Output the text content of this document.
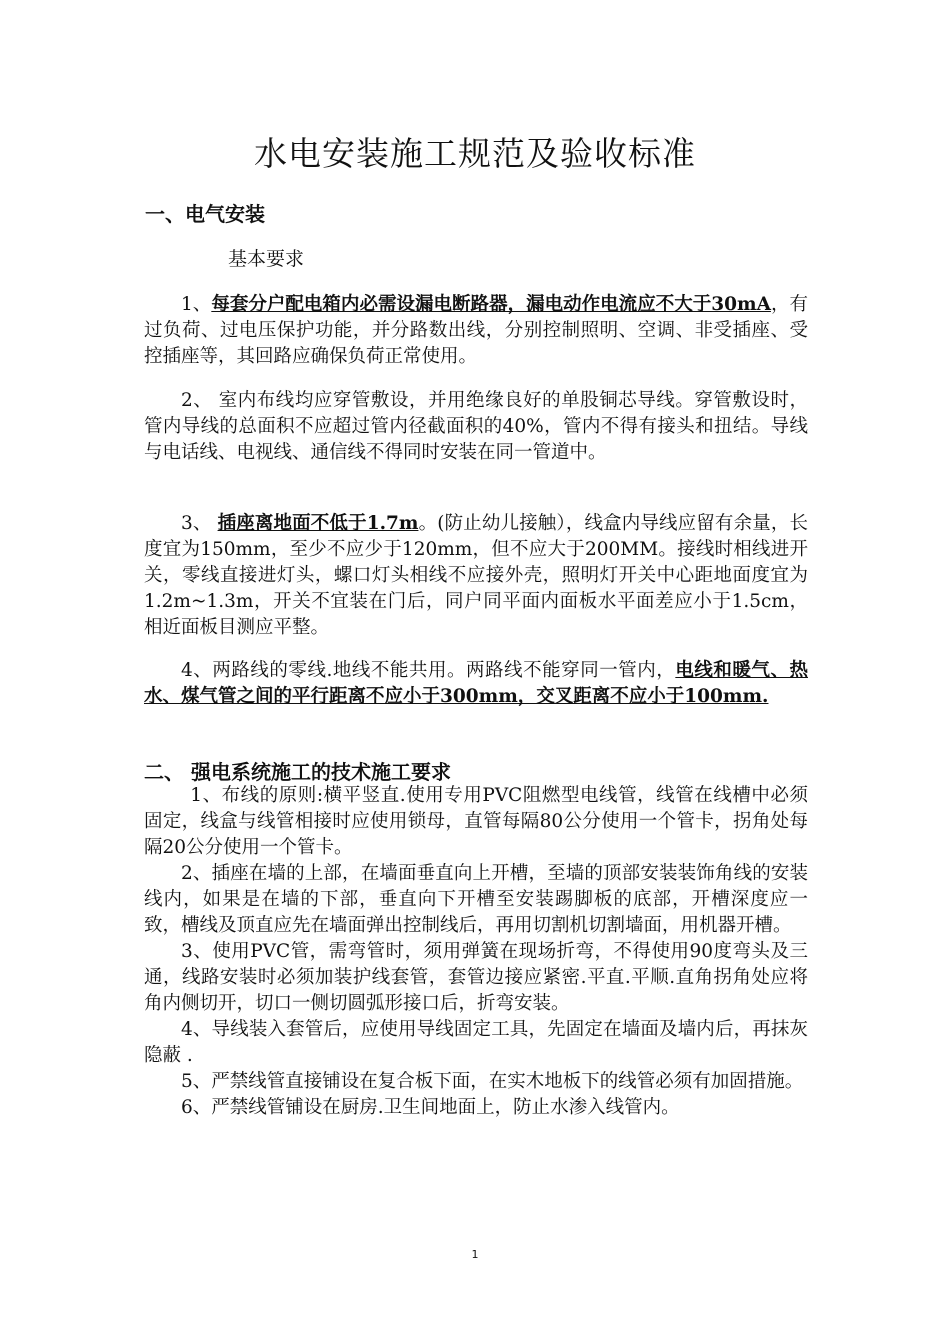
水电安装施工规范及验收标准
一、电气安装
基本要求
1、每套分户配电箱内必需设漏电断路器，漏电动作电流应不大于30mA，有过负荷、过电压保护功能，并分路数出线，分别控制照明、空调、非受插座、受控插座等，其回路应确保负荷正常使用。
2、 室内布线均应穿管敷设，并用绝缘良好的单股铜芯导线。穿管敷设时，管内导线的总面积不应超过管内径截面积的40%，管内不得有接头和扭结。导线与电话线、电视线、通信线不得同时安装在同一管道中。
3、 插座离地面不低于1.7m。(防止幼儿接触），线盒内导线应留有余量，长度宜为150mm，至少不应少于120mm，但不应大于200MM。接线时相线进开关，零线直接进灯头，螺口灯头相线不应接外壳，照明灯开关中心距地面度宜为1.2m~1.3m，开关不宜装在门后，同户同平面内面板水平面差应小于1.5cm，相近面板目测应平整。
4、两路线的零线.地线不能共用。两路线不能穿同一管内，电线和暖气、热水、煤气管之间的平行距离不应小于300mm，交叉距离不应小于100mm.
二、 强电系统施工的技术施工要求

1、布线的原则:横平竖直.使用专用PVC阻燃型电线管，线管在线槽中必须固定，线盒与线管相接时应使用锁母，直管每隔80公分使用一个管卡，拐角处每隔20公分使用一个管卡。

2、插座在墙的上部，在墙面垂直向上开槽，至墙的顶部安装装饰角线的安装线内，如果是在墙的下部，垂直向下开槽至安装踢脚板的底部，开槽深度应一致，槽线及顶直应先在墙面弹出控制线后，再用切割机切割墙面，用机器开槽。

3、使用PVC管，需弯管时，须用弹簧在现场折弯，不得使用90度弯头及三通，线路安装时必须加装护线套管，套管边接应紧密.平直.平顺.直角拐角处应将角内侧切开，切口一侧切圆弧形接口后，折弯安装。

4、导线装入套管后，应使用导线固定工具，先固定在墙面及墙内后，再抹灰隐蔽 .

5、严禁线管直接铺设在复合板下面，在实木地板下的线管必须有加固措施。

6、严禁线管铺设在厨房.卫生间地面上，防止水渗入线管内。

1
